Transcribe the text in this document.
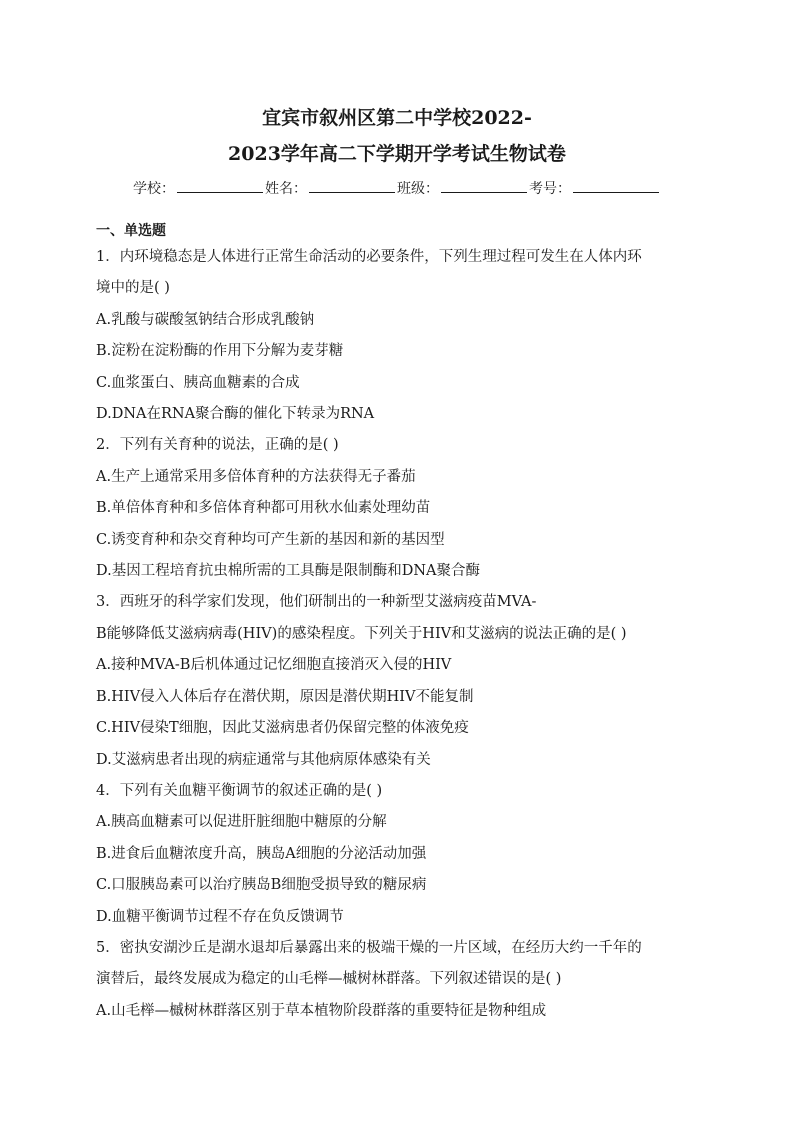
宜宾市叙州区第二中学校2022-

2023学年高二下学期开学考试生物试卷

学校：	姓名：	班级：	考号：
一、单选题

1．内环境稳态是人体进行正常生命活动的必要条件，下列生理过程可发生在人体内环

境中的是( )

A.乳酸与碳酸氢钠结合形成乳酸钠

B.淀粉在淀粉酶的作用下分解为麦芽糖

C.血浆蛋白、胰高血糖素的合成

D.DNA在RNA聚合酶的催化下转录为RNA

2．下列有关育种的说法，正确的是( )

A.生产上通常采用多倍体育种的方法获得无子番茄

B.单倍体育种和多倍体育种都可用秋水仙素处理幼苗

C.诱变育种和杂交育种均可产生新的基因和新的基因型

D.基因工程培育抗虫棉所需的工具酶是限制酶和DNA聚合酶

3．西班牙的科学家们发现，他们研制出的一种新型艾滋病疫苗MVA-

B能够降低艾滋病病毒(HIV)的感染程度。下列关于HIV和艾滋病的说法正确的是( )

A.接种MVA-B后机体通过记忆细胞直接消灭入侵的HIV

B.HIV侵入人体后存在潜伏期，原因是潜伏期HIV不能复制

C.HIV侵染T细胞，因此艾滋病患者仍保留完整的体液免疫

D.艾滋病患者出现的病症通常与其他病原体感染有关

4．下列有关血糖平衡调节的叙述正确的是( )

A.胰高血糖素可以促进肝脏细胞中糖原的分解

B.进食后血糖浓度升高，胰岛A细胞的分泌活动加强

C.口服胰岛素可以治疗胰岛B细胞受损导致的糖尿病

D.血糖平衡调节过程不存在负反馈调节

5．密执安湖沙丘是湖水退却后暴露出来的极端干燥的一片区域，在经历大约一千年的

演替后，最终发展成为稳定的山毛榉—槭树林群落。下列叙述错误的是( )

A.山毛榉—槭树林群落区别于草本植物阶段群落的重要特征是物种组成
